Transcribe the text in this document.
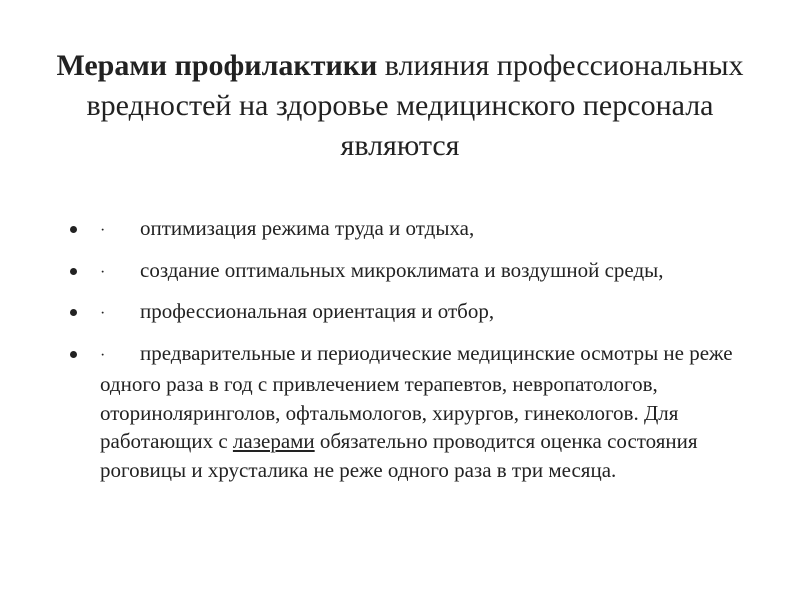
Мерами профилактики влияния профессиональных вредностей на здоровье медицинского персонала являются
· оптимизация режима труда и отдыха,
· создание оптимальных микроклимата и воздушной среды,
· профессиональная ориентация и отбор,
· предварительные и периодические медицинские осмотры не реже одного раза в год с привлечением терапевтов, невропатологов, оториноляринголов, офтальмологов, хирургов, гинекологов. Для работающих с лазерами обязательно проводится оценка состояния роговицы и хрусталика не реже одного раза в три месяца.
